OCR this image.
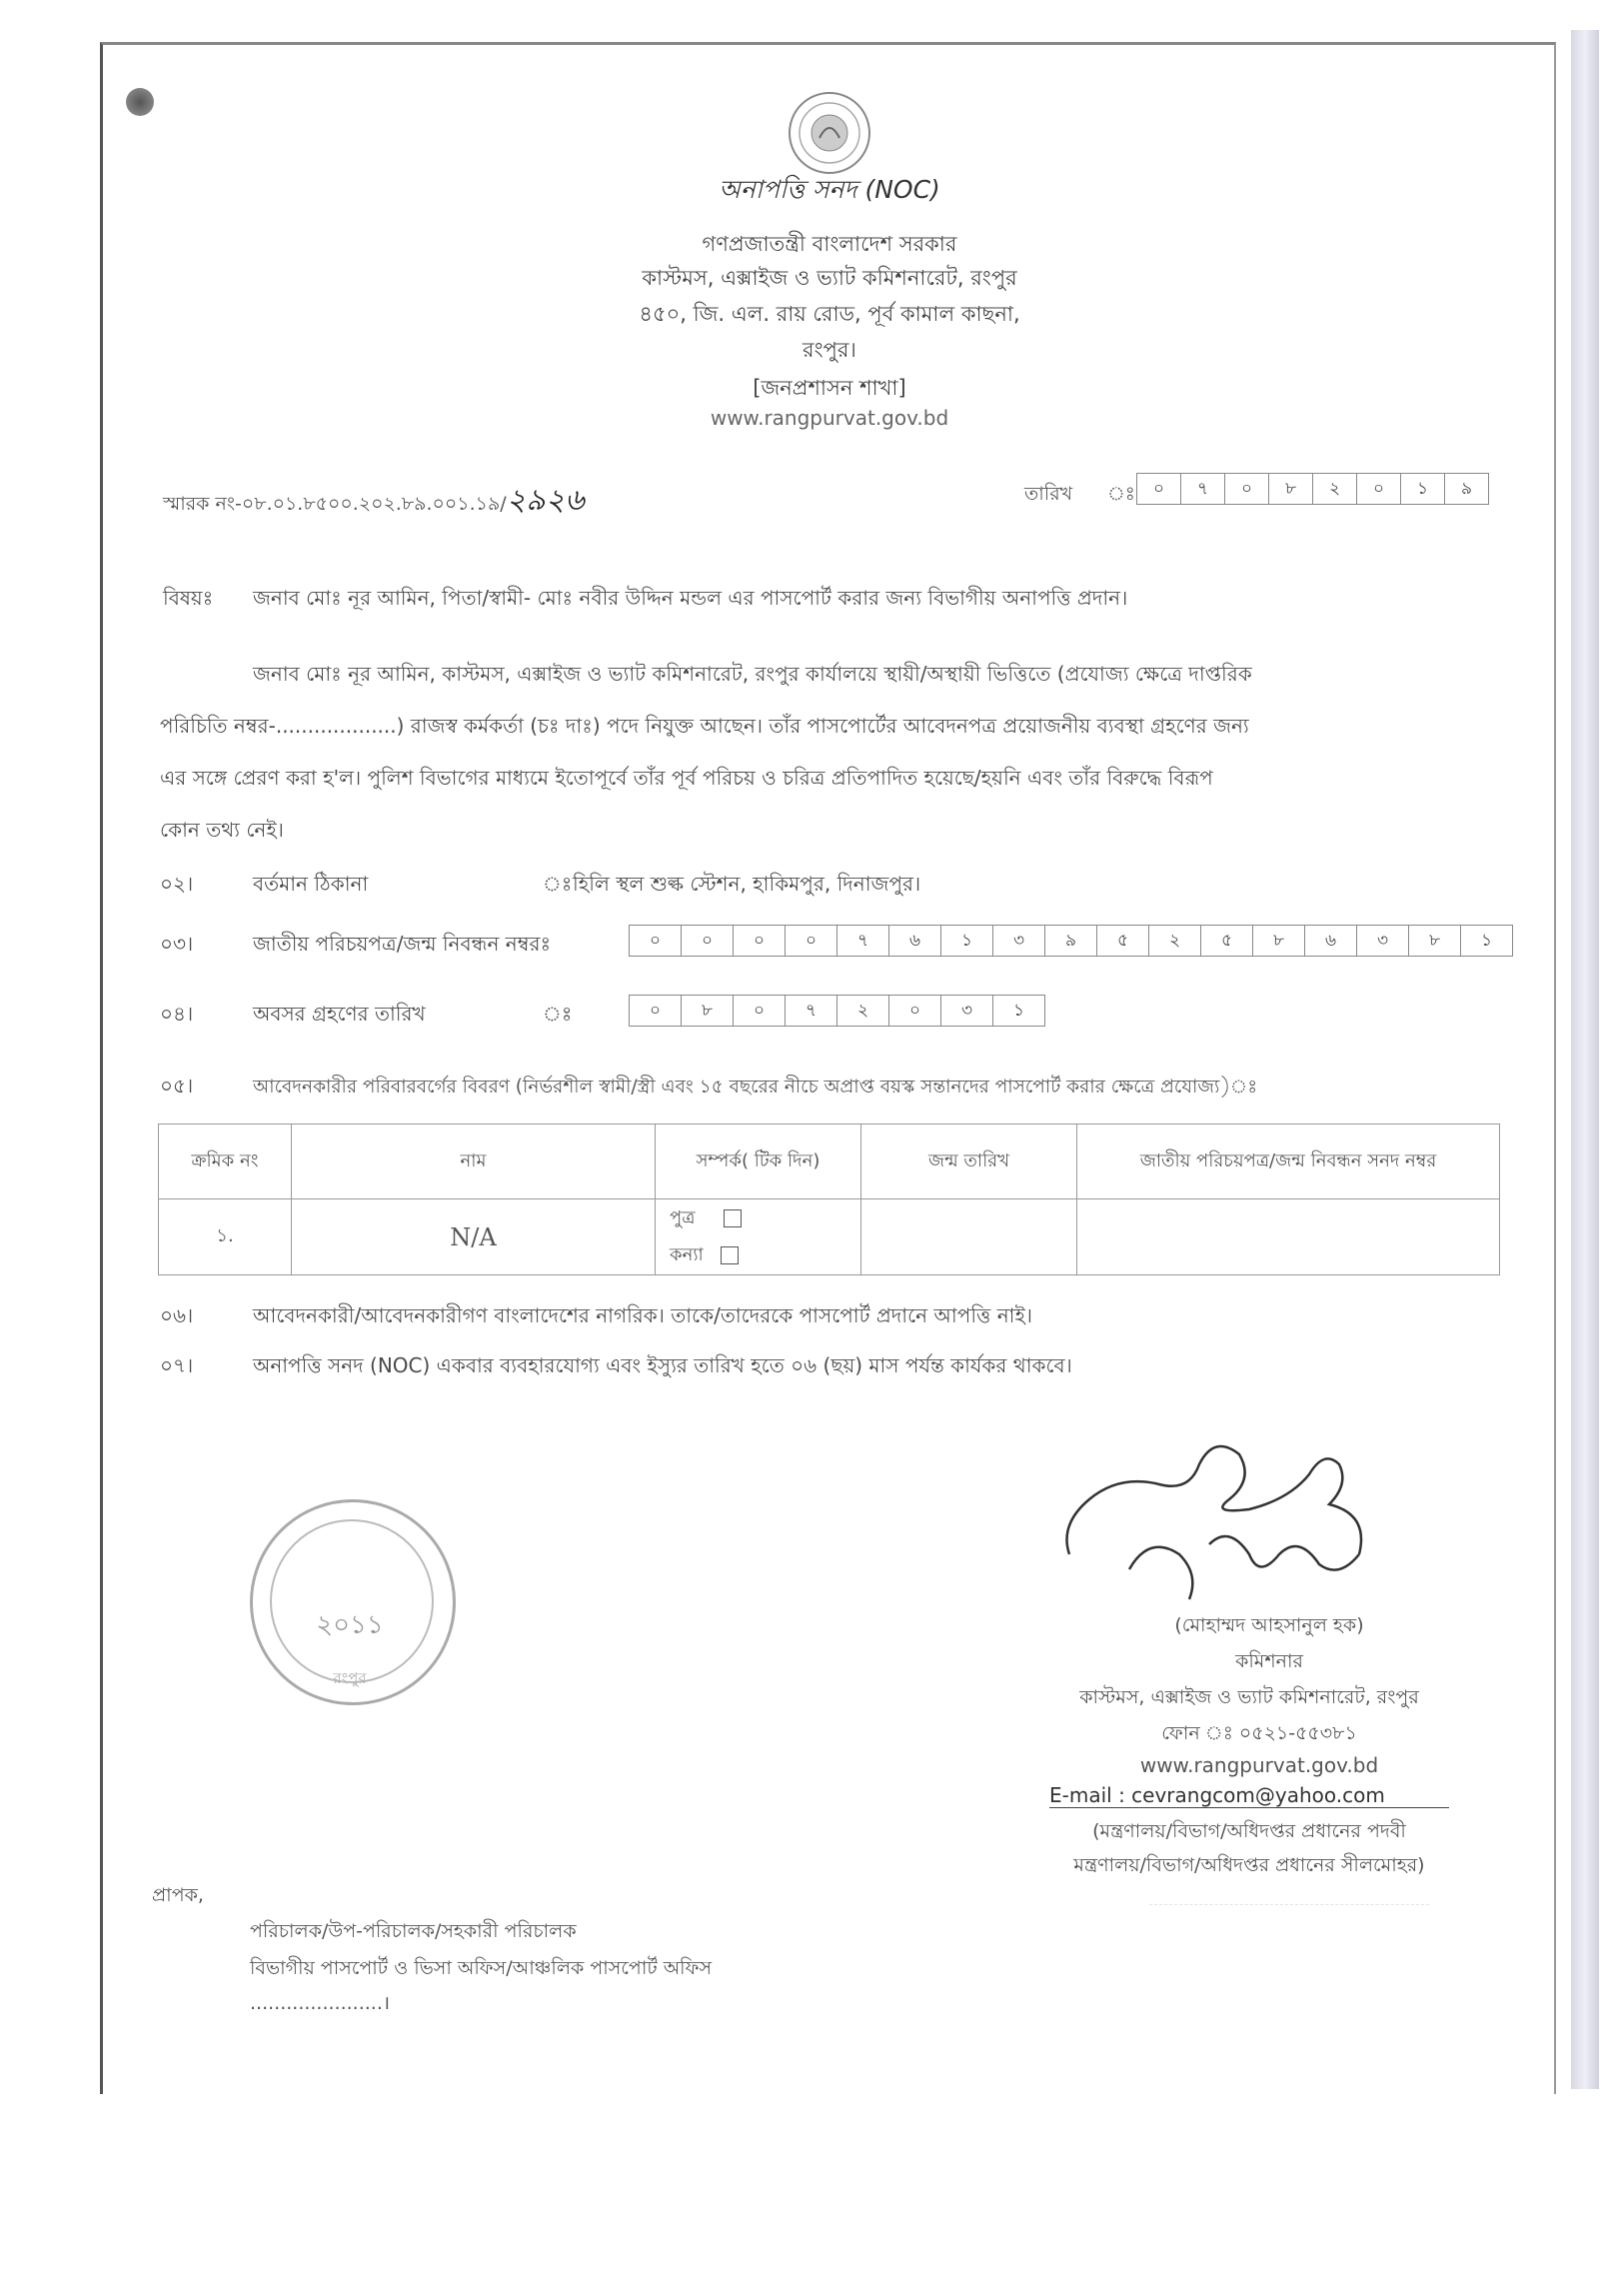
অনাপত্তি সনদ (NOC)
গণপ্রজাতন্ত্রী বাংলাদেশ সরকার
কাস্টমস, এক্সাইজ ও ভ্যাট কমিশনারেট, রংপুর
৪৫০, জি. এল. রায় রোড, পূর্ব কামাল কাছনা,
রংপুর।
[জনপ্রশাসন শাখা]
www.rangpurvat.gov.bd
স্মারক নং-০৮.০১.৮৫০০.২০২.৮৯.০০১.১৯/২৯২৬	তারিখ ঃ	০	৭	০	৮	২	০	১	৯
বিষয়ঃ জনাব মোঃ নূর আমিন, পিতা/স্বামী- মোঃ নবীর উদ্দিন মন্ডল এর পাসপোর্ট করার জন্য বিভাগীয় অনাপত্তি প্রদান।
জনাব মোঃ নূর আমিন, কাস্টমস, এক্সাইজ ও ভ্যাট কমিশনারেট, রংপুর কার্যালয়ে স্থায়ী/অস্থায়ী ভিত্তিতে (প্রযোজ্য ক্ষেত্রে দাপ্তরিক
পরিচিতি নম্বর-...................) রাজস্ব কর্মকর্তা (চঃ দাঃ) পদে নিযুক্ত আছেন। তাঁর পাসপোর্টের আবেদনপত্র প্রয়োজনীয় ব্যবস্থা গ্রহণের জন্য
এর সঙ্গে প্রেরণ করা হ'ল। পুলিশ বিভাগের মাধ্যমে ইতোপূর্বে তাঁর পূর্ব পরিচয় ও চরিত্র প্রতিপাদিত হয়েছে/হয়নি এবং তাঁর বিরুদ্ধে বিরূপ
কোন তথ্য নেই।
০২।	বর্তমান ঠিকানা	ঃ হিলি স্থল শুল্ক স্টেশন, হাকিমপুর, দিনাজপুর।
০৩।	জাতীয় পরিচয়পত্র/জন্ম নিবন্ধন নম্বরঃ	০	০	০	০	৭	৬	১	৩	৯	৫	২	৫	৮	৬	৩	৮	১
০৪।	অবসর গ্রহণের তারিখ	ঃ	০	৮	০	৭	২	০	৩	১
০৫।	আবেদনকারীর পরিবারবর্গের বিবরণ (নির্ভরশীল স্বামী/স্ত্রী এবং ১৫ বছরের নীচে অপ্রাপ্ত বয়স্ক সন্তানদের পাসপোর্ট করার ক্ষেত্রে প্রযোজ্য)ঃ
ক্রমিক নং	নাম	সম্পর্ক( টিক দিন)	জন্ম তারিখ	জাতীয় পরিচয়পত্র/জন্ম নিবন্ধন সনদ নম্বর
১.	N/A	পুত্র
কন্যা		

০৬।	আবেদনকারী/আবেদনকারীগণ বাংলাদেশের নাগরিক। তাকে/তাদেরকে পাসপোর্ট প্রদানে আপত্তি নাই।
০৭।	অনাপত্তি সনদ (NOC) একবার ব্যবহারযোগ্য এবং ইস্যুর তারিখ হতে ০৬ (ছয়) মাস পর্যন্ত কার্যকর থাকবে।
২০১১
রংপুর
(মোহাম্মদ আহসানুল হক)
কমিশনার
কাস্টমস, এক্সাইজ ও ভ্যাট কমিশনারেট, রংপুর
ফোন ঃ ০৫২১-৫৫৩৮১
www.rangpurvat.gov.bd
E-mail : cevrangcom@yahoo.com
(মন্ত্রণালয়/বিভাগ/অধিদপ্তর প্রধানের পদবী
মন্ত্রণালয়/বিভাগ/অধিদপ্তর প্রধানের সীলমোহর)
প্রাপক,
পরিচালক/উপ-পরিচালক/সহকারী পরিচালক
বিভাগীয় পাসপোর্ট ও ভিসা অফিস/আঞ্চলিক পাসপোর্ট অফিস
......................।
